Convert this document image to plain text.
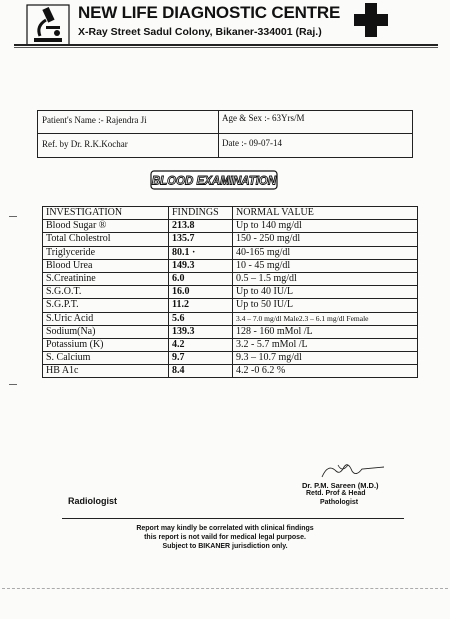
NEW LIFE DIAGNOSTIC CENTRE
X-Ray Street Sadul Colony, Bikaner-334001 (Raj.)
Patient's Name :- Rajendra Ji	Age & Sex :- 63Yrs/M
Ref. by Dr. R.K.Kochar	Date :- 09-07-14
BLOOD EXAMINATION
INVESTIGATION	FINDINGS	NORMAL VALUE
Blood Sugar ®	213.8	Up to 140 mg/dl
Total Cholestrol	135.7	150 - 250 mg/dl
Triglyceride	80.1 ·	40-165 mg/dl
Blood Urea	149.3	10 - 45 mg/dl
S.Creatinine	6.0	0.5 – 1.5 mg/dl
S.G.O.T.	16.0	Up to 40 IU/L
S.G.P.T.	11.2	Up to 50 IU/L
S.Uric Acid	5.6	3.4 – 7.0 mg/dl Male2.3 – 6.1 mg/dl Female
Sodium(Na)	139.3	128 - 160 mMol /L
Potassium (K)	4.2	3.2 - 5.7 mMol /L
S. Calcium	9.7	9.3 – 10.7 mg/dl
HB A1c	8.4	4.2 -0 6.2 %
Dr. P.M. Sareen (M.D.)
Retd. Prof & Head
Pathologist
Radiologist
Report may kindly be correlated with clinical findings
this report is not vaild for medical legal purpose.
Subject to BIKANER jurisdiction only.
